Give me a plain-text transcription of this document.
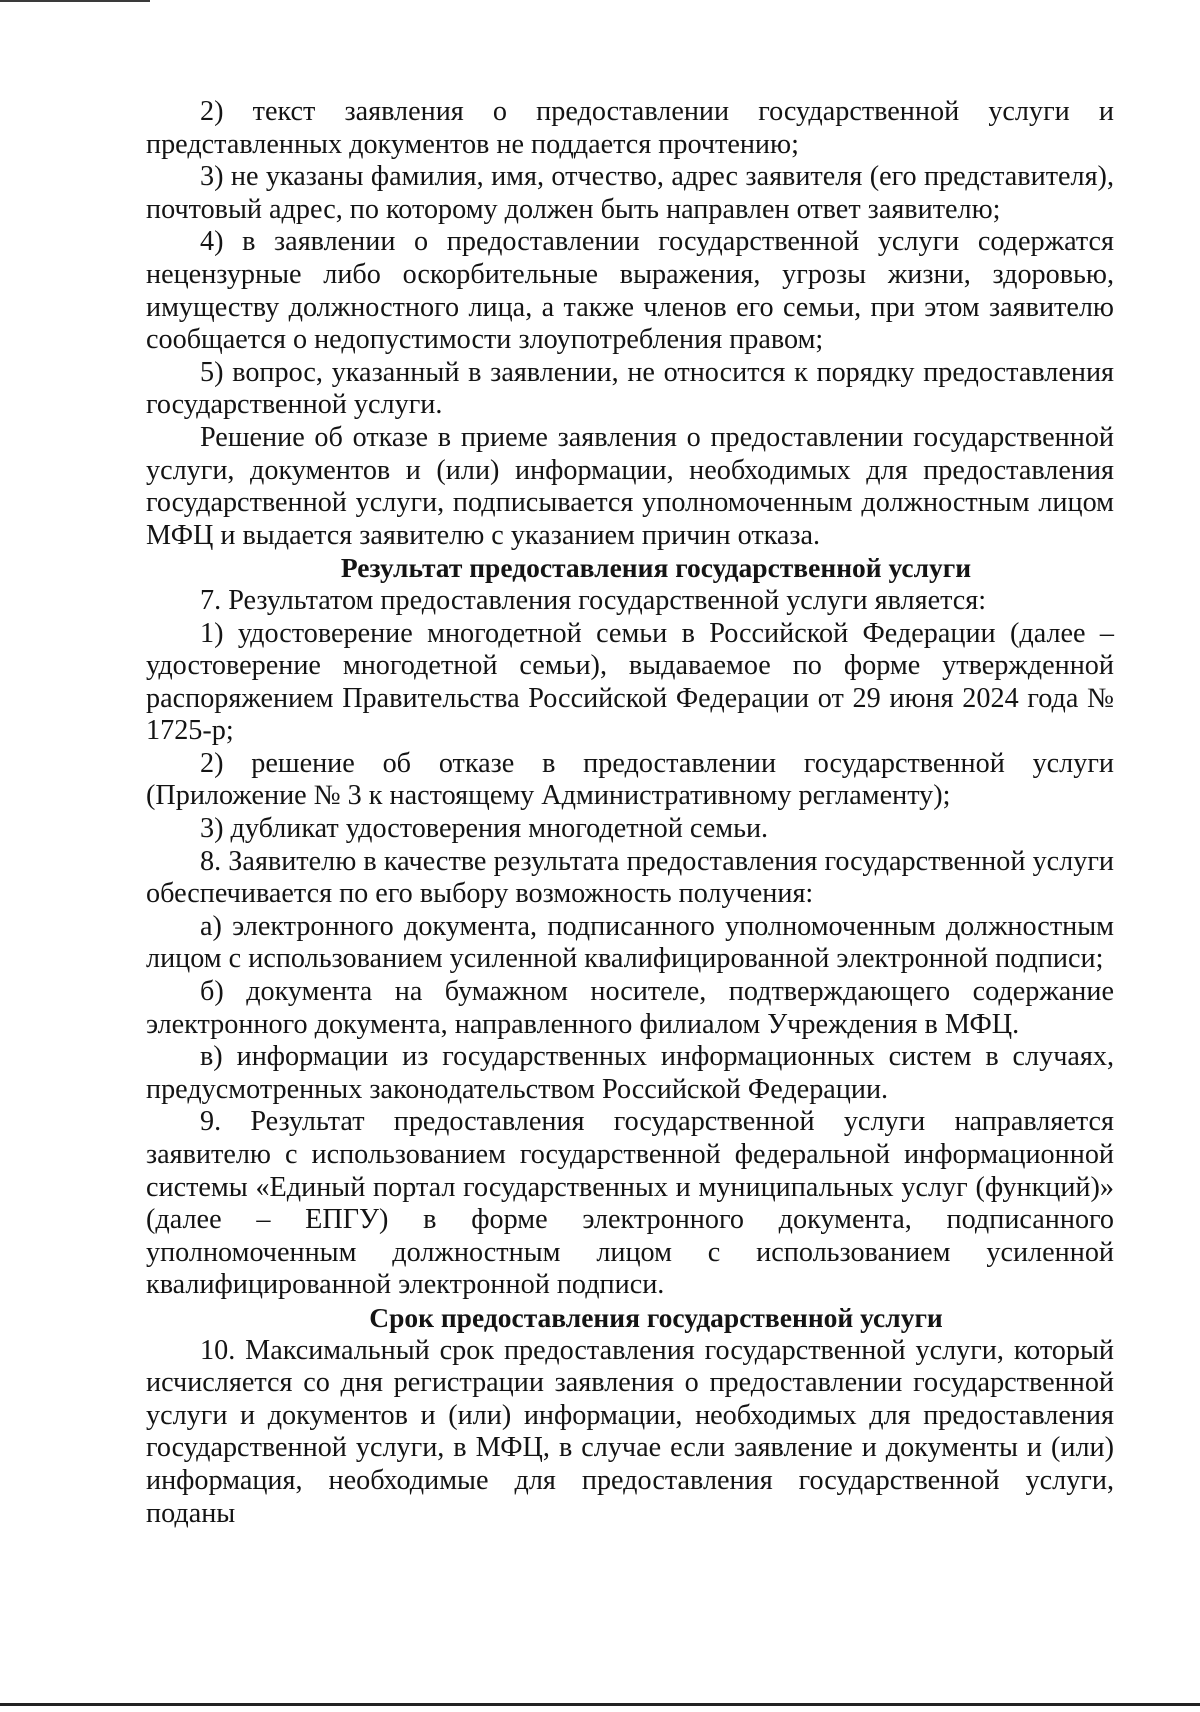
2) текст заявления о предоставлении государственной услуги и представленных документов не поддается прочтению;

3) не указаны фамилия, имя, отчество, адрес заявителя (его представителя), почтовый адрес, по которому должен быть направлен ответ заявителю;

4) в заявлении о предоставлении государственной услуги содержатся нецензурные либо оскорбительные выражения, угрозы жизни, здоровью, имуществу должностного лица, а также членов его семьи, при этом заявителю сообщается о недопустимости злоупотребления правом;

5) вопрос, указанный в заявлении, не относится к порядку предоставления государственной услуги.

Решение об отказе в приеме заявления о предоставлении государственной услуги, документов и (или) информации, необходимых для предоставления государственной услуги, подписывается уполномоченным должностным лицом МФЦ и выдается заявителю с указанием причин отказа.

Результат предоставления государственной услуги

7. Результатом предоставления государственной услуги является:

1) удостоверение многодетной семьи в Российской Федерации (далее – удостоверение многодетной семьи), выдаваемое по форме утвержденной распоряжением Правительства Российской Федерации от 29 июня 2024 года № 1725-р;

2) решение об отказе в предоставлении государственной услуги (Приложение № 3 к настоящему Административному регламенту);

3) дубликат удостоверения многодетной семьи.

8. Заявителю в качестве результата предоставления государственной услуги обеспечивается по его выбору возможность получения:

а) электронного документа, подписанного уполномоченным должностным лицом с использованием усиленной квалифицированной электронной подписи;

б) документа на бумажном носителе, подтверждающего содержание электронного документа, направленного филиалом Учреждения в МФЦ.

в) информации из государственных информационных систем в случаях, предусмотренных законодательством Российской Федерации.

9. Результат предоставления государственной услуги направляется заявителю с использованием государственной федеральной информационной системы «Единый портал государственных и муниципальных услуг (функций)» (далее – ЕПГУ) в форме электронного документа, подписанного уполномоченным должностным лицом с использованием усиленной квалифицированной электронной подписи.

Срок предоставления государственной услуги

10. Максимальный срок предоставления государственной услуги, который исчисляется со дня регистрации заявления о предоставлении государственной услуги и документов и (или) информации, необходимых для предоставления государственной услуги, в МФЦ, в случае если заявление и документы и (или) информация, необходимые для предоставления государственной услуги, поданы
